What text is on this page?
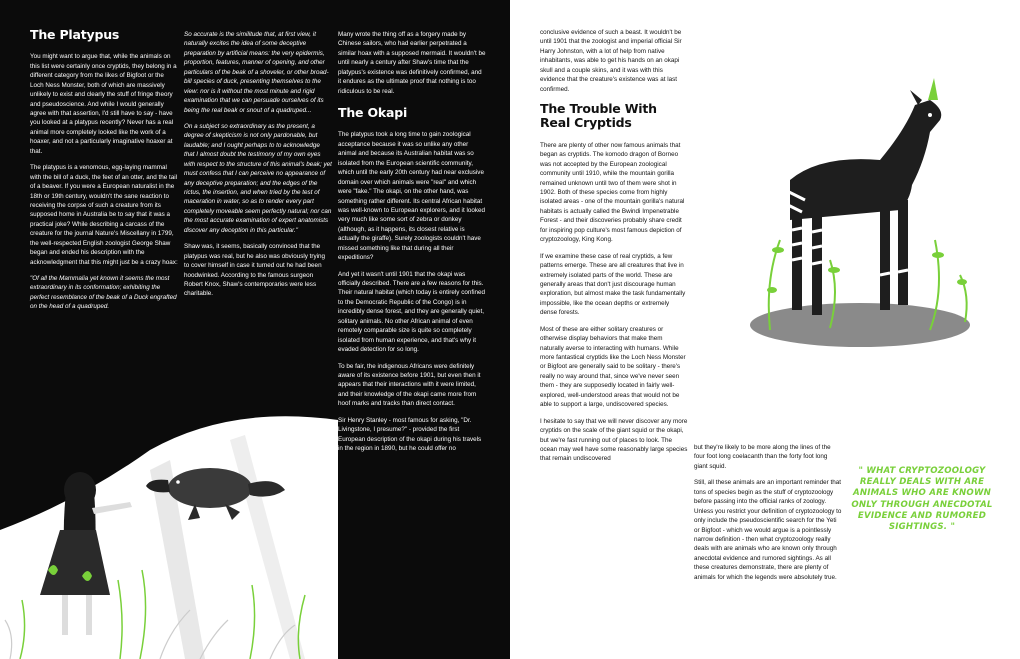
The Platypus

You might want to argue that, while the animals on this list were certainly once cryptids, they belong in a different category from the likes of Bigfoot or the Loch Ness Monster, both of which are massively unlikely to exist and clearly the stuff of fringe theory and pseudoscience. And while I would generally agree with that assertion, I'd still have to say - have you looked at a platypus recently? Never has a real animal more completely looked like the work of a hoaxer, and not a particularly imaginative hoaxer at that.

The platypus is a venomous, egg-laying mammal with the bill of a duck, the feet of an otter, and the tail of a beaver. If you were a European naturalist in the 18th or 19th century, wouldn't the sane reaction to receiving the corpse of such a creature from its supposed home in Australia be to say that it was a practical joke? While describing a carcass of the creature for the journal Nature's Miscellany in 1799, the well-respected English zoologist George Shaw began and ended his description with the acknowledgment that this might just be a crazy hoax:

"Of all the Mammalia yet known it seems the most extraordinary in its conformation; exhibiting the perfect resemblance of the beak of a Duck engrafted on the head of a quadruped.

So accurate is the similitude that, at first view, it naturally excites the idea of some deceptive preparation by artificial means: the very epidermis, proportion, features, manner of opening, and other particulars of the beak of a shoveler, or other broad-bill species of duck, presenting themselves to the view: nor is it without the most minute and rigid examination that we can persuade ourselves of its being the real beak or snout of a quadruped...

On a subject so extraordinary as the present, a degree of skepticism is not only pardonable, but laudable; and I ought perhaps to to acknowledge that I almost doubt the testimony of my own eyes with respect to the structure of this animal's beak; yet must confess that I can perceive no appearance of any deceptive preparation; and the edges of the rictus, the insertion, and when tried by the test of maceration in water, so as to render every part completely moveable seem perfectly natural; nor can the most accurate examination of expert anatomists discover any deception in this particular."

Shaw was, it seems, basically convinced that the platypus was real, but he also was obviously trying to cover himself in case it turned out he had been hoodwinked. According to the famous surgeon Robert Knox, Shaw's contemporaries were less charitable.

Many wrote the thing off as a forgery made by Chinese sailors, who had earlier perpetrated a similar hoax with a supposed mermaid. It wouldn't be until nearly a century after Shaw's time that the platypus's existence was definitively confirmed, and it endures as the ultimate proof that nothing is too ridiculous to be real.

The Okapi

The platypus took a long time to gain zoological acceptance because it was so unlike any other animal and because its Australian habitat was so isolated from the European scientific community, which until the early 20th century had near exclusive domain over which animals were "real" and which were "fake." The okapi, on the other hand, was something rather different. Its central African habitat was well-known to European explorers, and it looked very much like some sort of zebra or donkey (although, as it happens, its closest relative is actually the giraffe). Surely zoologists couldn't have missed something like that during all their expeditions?

And yet it wasn't until 1901 that the okapi was officially described. There are a few reasons for this. Their natural habitat (which today is entirely confined to the Democratic Republic of the Congo) is in incredibly dense forest, and they are generally quiet, solitary animals. No other African animal of even remotely comparable size is quite so completely isolated from human experience, and that's why it evaded detection for so long.

To be fair, the indigenous Africans were definitely aware of its existence before 1901, but even then it appears that their interactions with it were limited, and their knowledge of the okapi came more from hoof marks and tracks than direct contact.

Sir Henry Stanley - most famous for asking, "Dr. Livingstone, I presume?" - provided the first European description of the okapi during his travels in the region in 1890, but he could offer no

conclusive evidence of such a beast. It wouldn't be until 1901 that the zoologist and imperial official Sir Harry Johnston, with a lot of help from native inhabitants, was able to get his hands on an okapi skull and a couple skins, and it was with this evidence that the creature's existence was at last confirmed.

The Trouble With Real Cryptids

There are plenty of other now famous animals that began as cryptids. The komodo dragon of Borneo was not accepted by the European zoological community until 1910, while the mountain gorilla remained unknown until two of them were shot in 1902. Both of these species come from highly isolated areas - one of the mountain gorilla's natural habitats is actually called the Bwindi Impenetrable Forest - and their discoveries probably share credit for inspiring pop culture's most famous depiction of cryptozoology, King Kong.

If we examine these case of real cryptids, a few patterns emerge. These are all creatures that live in extremely isolated parts of the world. These are generally areas that don't just discourage human exploration, but almost make the task fundamentally impossible, like the ocean depths or extremely dense forests.

Most of these are either solitary creatures or otherwise display behaviors that make them naturally averse to interacting with humans. While more fantastical cryptids like the Loch Ness Monster or Bigfoot are generally said to be solitary - there's really no way around that, since we've never seen them - they are supposedly located in fairly well-explored, well-understood areas that would not be able to support a large, undiscovered species.

I hesitate to say that we will never discover any more cryptids on the scale of the giant squid or the okapi, but we're fast running out of places to look. The ocean may well have some reasonably large species that remain undiscovered

but they're likely to be more along the lines of the four foot long coelacanth than the forty foot long giant squid.

Still, all these animals are an important reminder that tons of species begin as the stuff of cryptozoology before passing into the official ranks of zoology. Unless you restrict your definition of cryptozoology to only include the pseudoscientific search for the Yeti or Bigfoot - which we would argue is a pointlessly narrow definition - then what cryptozoology really deals with are animals who are known only through anecdotal evidence and rumored sightings. As all these creatures demonstrate, there are plenty of animals for which the legends were absolutely true.

" WHAT CRYPTOZOOLOGY REALLY DEALS WITH ARE ANIMALS WHO ARE KNOWN ONLY THROUGH ANECDOTAL EVIDENCE AND RUMORED SIGHTINGS. "
